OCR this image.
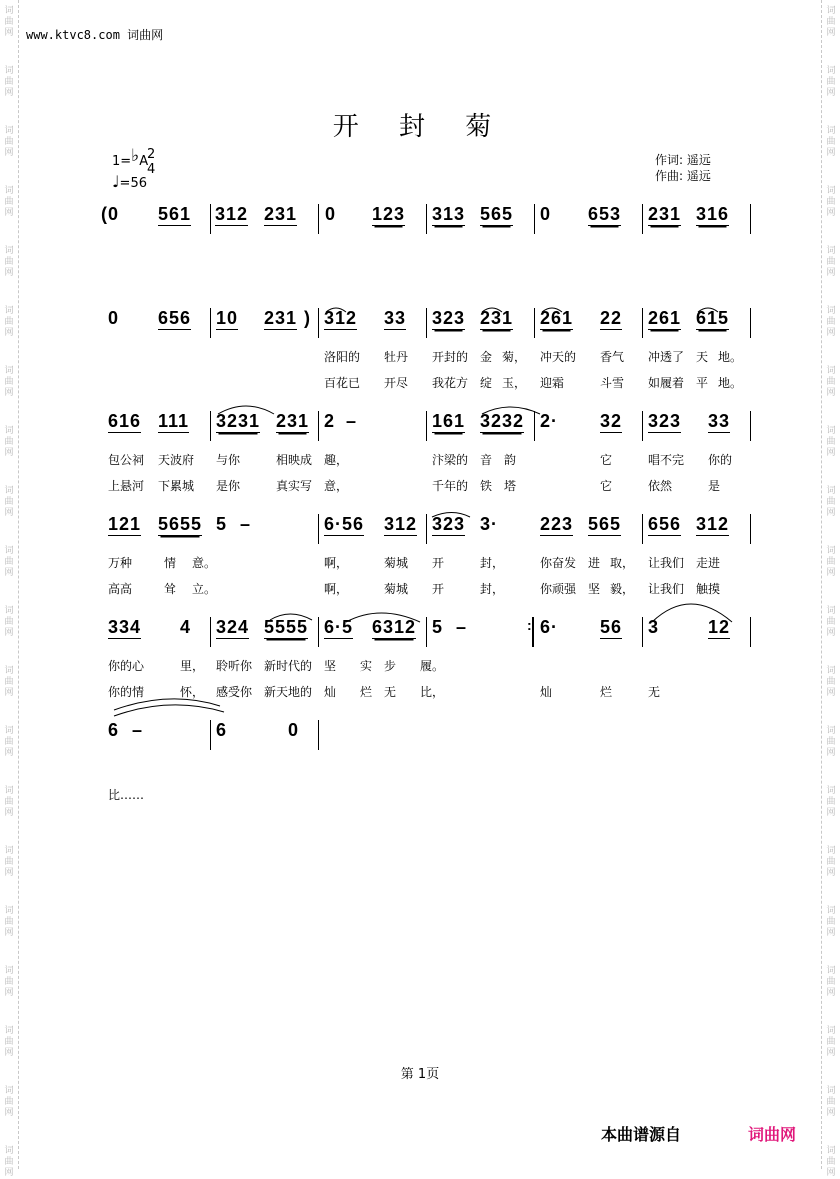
词
曲
网
词
曲
网
词
曲
网
词
曲
网
词
曲
网
词
曲
网
词
曲
网
词
曲
网
词
曲
网
词
曲
网
词
曲
网
词
曲
网
词
曲
网
词
曲
网
词
曲
网
词
曲
网
词
曲
网
词
曲
网
词
曲
网
词
曲
网
词
曲
网
词
曲
网
词
曲
网
词
曲
网
词
曲
网
词
曲
网
词
曲
网
词
曲
网
词
曲
网
词
曲
网
词
曲
网
词
曲
网
词
曲
网
词
曲
网
词
曲
网
词
曲
网
词
曲
网
词
曲
网
词
曲
网
词
曲
网
www.ktvc8.com 词曲网
开 封 菊
1=♭A
2
4
♩=56
作词: 遥远
作曲: 遥远
(0 561 312 231 0 123 313 565 0 653 231 316
0 656 10 231 ) 312 33 323 231 261 22 261 615
洛阳的 牡丹 开封的 金 菊， 冲天的 香气 冲透了 天 地。
百花已 开尽 我花方 绽 玉， 迎霜	斗雪 如履着 平 地。
616 111 3231 231 2 –	161 3232 2· 32 323 33
包公祠 天波府 与你	相映成 趣，	汴梁的 音 韵	它	唱不完 你的
上悬河 下累城 是你	真实写 意，	千年的 铁 塔	它	依然	是
121 5655 5 –	6·56 312 323 3· 223 565 656 312
万种	情 意。	啊，	菊城 开	封，	你奋发 进 取， 让我们 走进
高高	耸 立。	啊，	菊城 开	封，	你顽强 坚 毅， 让我们 触摸
334 4 324 5555 6·5 6312 5 –	: 6· 56 3	12
你的心	里， 聆听你 新时代的 坚 实 步 履。
你的情	怀， 感受你 新天地的 灿 烂 无 比，	灿	烂	无
6 –	6	0
比……
第 1页
本曲谱源自	词曲网
